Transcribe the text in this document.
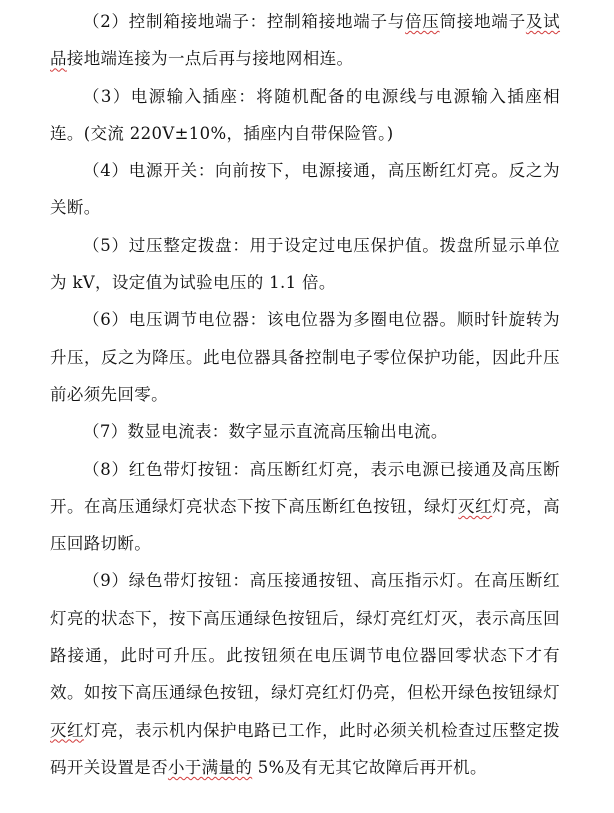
（2）控制箱接地端子：控制箱接地端子与倍压筒接地端子及试品接地端连接为一点后再与接地网相连。

（3）电源输入插座：将随机配备的电源线与电源输入插座相连。(交流 220V±10%，插座内自带保险管。)

（4）电源开关：向前按下，电源接通，高压断红灯亮。反之为关断。

（5）过压整定拨盘：用于设定过电压保护值。拨盘所显示单位为 kV，设定值为试验电压的 1.1 倍。

（6）电压调节电位器：该电位器为多圈电位器。顺时针旋转为升压，反之为降压。此电位器具备控制电子零位保护功能，因此升压前必须先回零。

（7）数显电流表：数字显示直流高压输出电流。

（8）红色带灯按钮：高压断红灯亮，表示电源已接通及高压断开。在高压通绿灯亮状态下按下高压断红色按钮，绿灯灭红灯亮，高压回路切断。

（9）绿色带灯按钮：高压接通按钮、高压指示灯。在高压断红灯亮的状态下，按下高压通绿色按钮后，绿灯亮红灯灭，表示高压回路接通，此时可升压。此按钮须在电压调节电位器回零状态下才有效。如按下高压通绿色按钮，绿灯亮红灯仍亮，但松开绿色按钮绿灯灭红灯亮，表示机内保护电路已工作，此时必须关机检查过压整定拨码开关设置是否小于满量的 5%及有无其它故障后再开机。
